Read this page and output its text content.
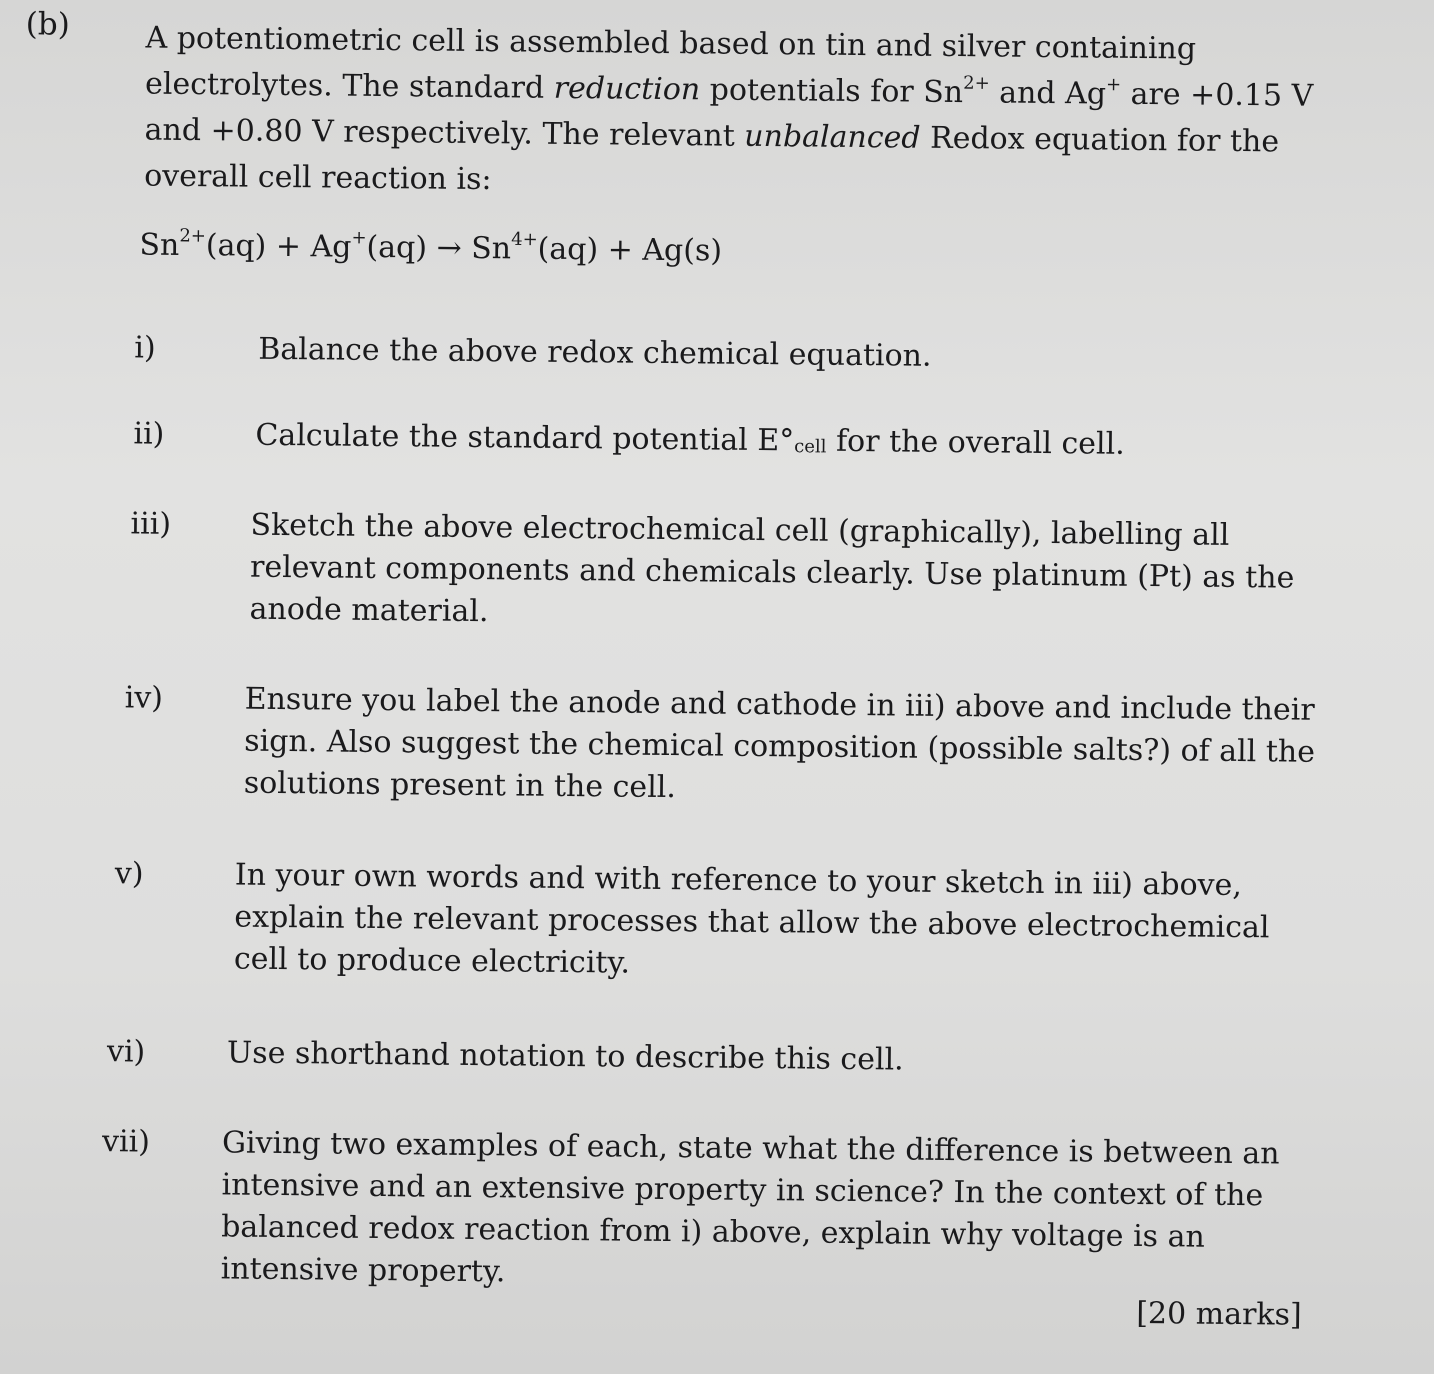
(b)	A potentiometric cell is assembled based on tin and silver containing electrolytes. The standard reduction potentials for $Sn^{2+}$ and Ag+ are +0.15 V and +0.80 V respectively. The relevant unbalanced Redox equation for the overall cell reaction is:
$Sn^{2+}(aq) + Ag^+(aq) \to Sn^{4+}(aq) + Ag(s)$
i)	Balance the above redox chemical equation.
ii)	Calculate the standard potential $E^\circ_{cell}$ for the overall cell.
iii)	Sketch the above electrochemical cell (graphically), labelling all relevant components and chemicals clearly. Use platinum (Pt) as the anode material.
iv)	Ensure you label the anode and cathode in iii) above and include their sign. Also suggest the chemical composition (possible salts?) of all the solutions present in the cell.
v)	In your own words and with reference to your sketch in iii) above, explain the relevant processes that allow the above electrochemical cell to produce electricity.
vi)	Use shorthand notation to describe this cell.
vii) Giving two examples of each, state what the difference is between an intensive and an extensive property in science? In the context of the balanced redox reaction from i) above, explain why voltage is an intensive property.
[20 marks]
